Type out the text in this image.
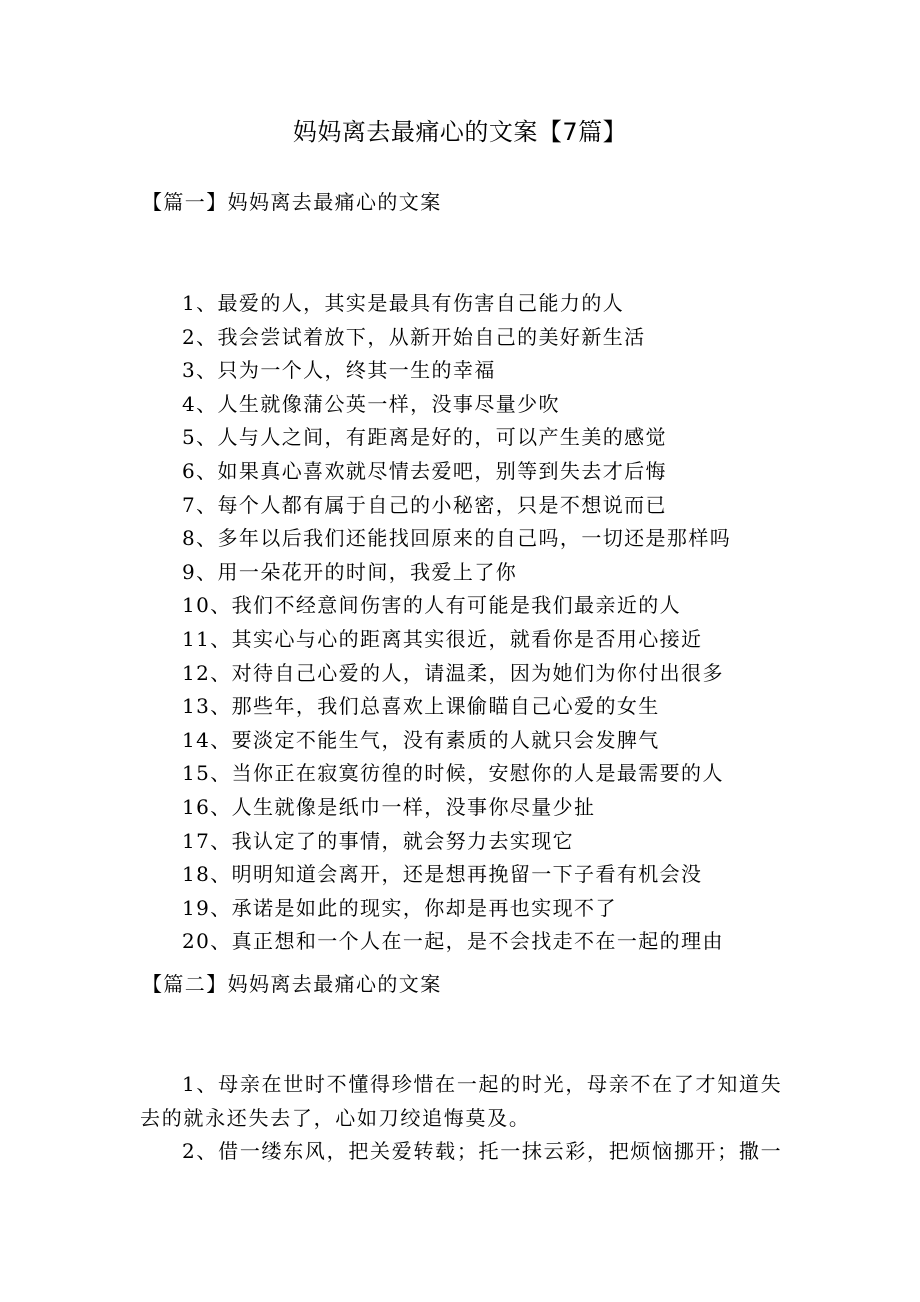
妈妈离去最痛心的文案【7篇】
【篇一】妈妈离去最痛心的文案
1、最爱的人，其实是最具有伤害自己能力的人
2、我会尝试着放下，从新开始自己的美好新生活
3、只为一个人，终其一生的幸福
4、人生就像蒲公英一样，没事尽量少吹
5、人与人之间，有距离是好的，可以产生美的感觉
6、如果真心喜欢就尽情去爱吧，别等到失去才后悔
7、每个人都有属于自己的小秘密，只是不想说而已
8、多年以后我们还能找回原来的自己吗，一切还是那样吗
9、用一朵花开的时间，我爱上了你
10、我们不经意间伤害的人有可能是我们最亲近的人
11、其实心与心的距离其实很近，就看你是否用心接近
12、对待自己心爱的人，请温柔，因为她们为你付出很多
13、那些年，我们总喜欢上课偷瞄自己心爱的女生
14、要淡定不能生气，没有素质的人就只会发脾气
15、当你正在寂寞彷徨的时候，安慰你的人是最需要的人
16、人生就像是纸巾一样，没事你尽量少扯
17、我认定了的事情，就会努力去实现它
18、明明知道会离开，还是想再挽留一下子看有机会没
19、承诺是如此的现实，你却是再也实现不了
20、真正想和一个人在一起，是不会找走不在一起的理由
【篇二】妈妈离去最痛心的文案

1、母亲在世时不懂得珍惜在一起的时光，母亲不在了才知道失去的就永还失去了，心如刀绞追悔莫及。

2、借一缕东风，把关爱转载；托一抹云彩，把烦恼挪开；撒一
